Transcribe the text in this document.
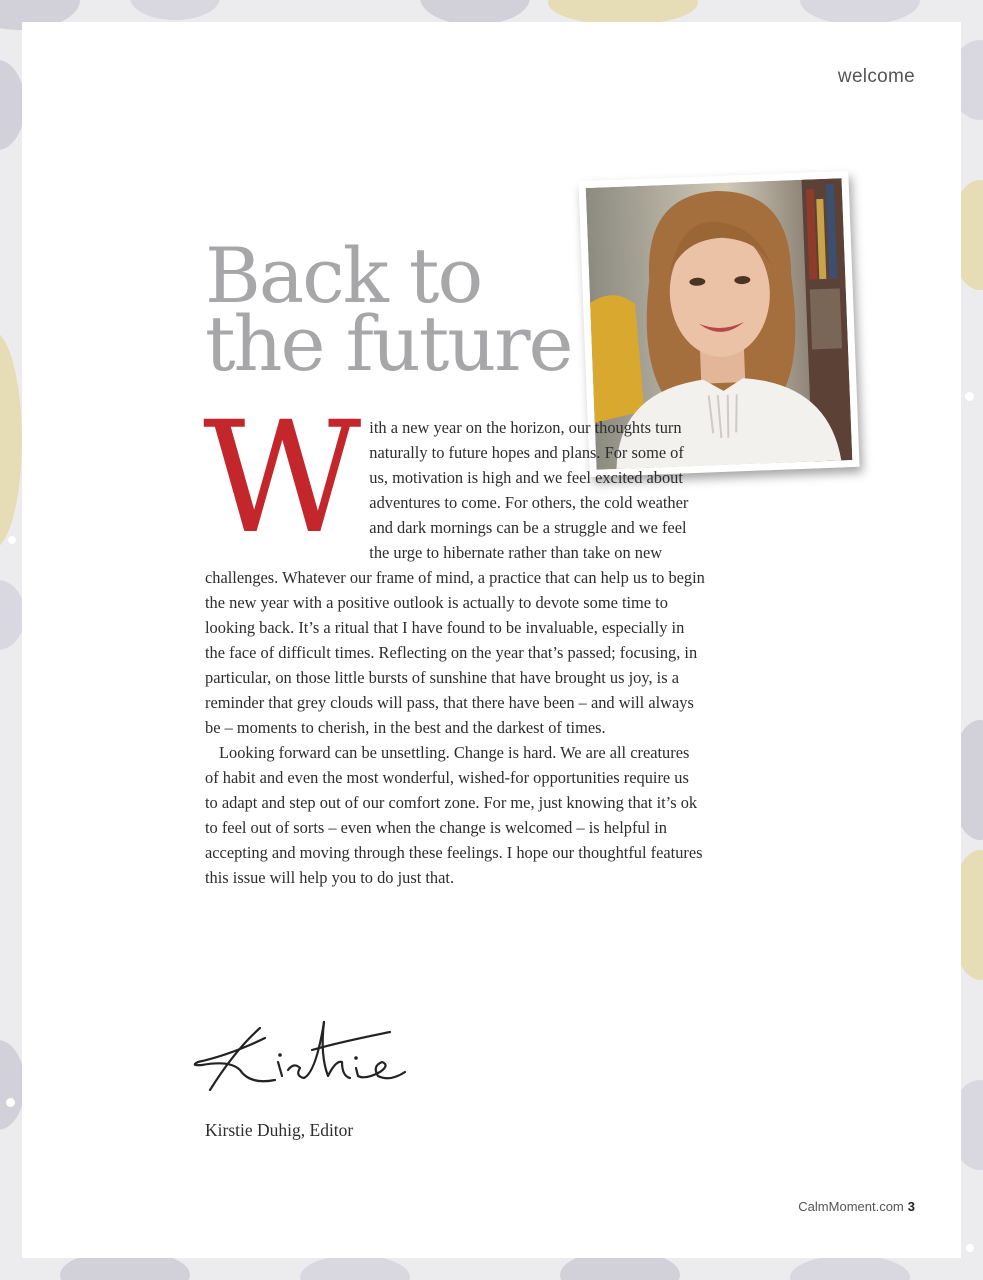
welcome
Back to
the future
W ith a new year on the horizon, our thoughts turn naturally to future hopes and plans. For some of us, motivation is high and we feel excited about adventures to come. For others, the cold weather and dark mornings can be a struggle and we feel the urge to hibernate rather than take on new challenges. Whatever our frame of mind, a practice that can help us to begin the new year with a positive outlook is actually to devote some time to looking back. It’s a ritual that I have found to be invaluable, especially in the face of difficult times. Reflecting on the year that’s passed; focusing, in particular, on those little bursts of sunshine that have brought us joy, is a reminder that grey clouds will pass, that there have been – and will always be – moments to cherish, in the best and the darkest of times.

Looking forward can be unsettling. Change is hard. We are all creatures of habit and even the most wonderful, wished-for opportunities require us to adapt and step out of our comfort zone. For me, just knowing that it’s ok to feel out of sorts – even when the change is welcomed – is helpful in accepting and moving through these feelings. I hope our thoughtful features this issue will help you to do just that.

Kirstie Duhig, Editor
CalmMoment.com 3
